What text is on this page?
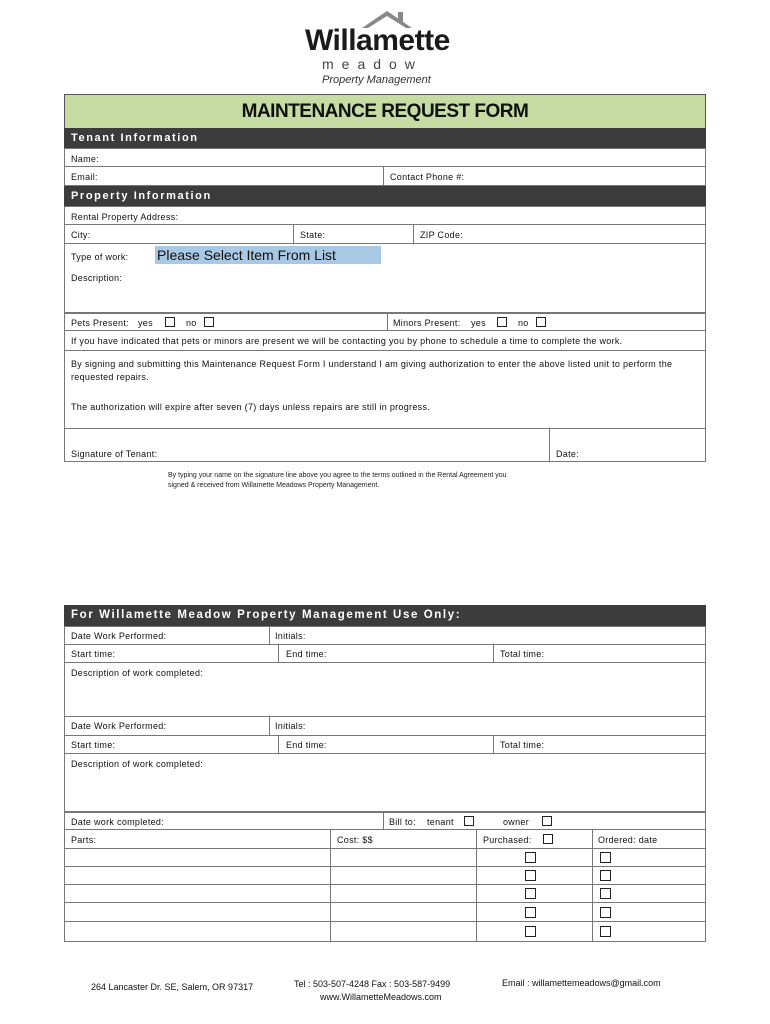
Willamette
meadow
Property Management
MAINTENANCE REQUEST FORM
Tenant Information
Name:
Email:	Contact Phone #:
Property Information
Rental Property Address:
City:	State:	ZIP Code:
Type of work: Please Select Item From List
Description:
Pets Present: yes	no	Minors Present: yes	no
If you have indicated that pets or minors are present we will be contacting you by phone to schedule a time to complete the work.
By signing and submitting this Maintenance Request Form I understand I am giving authorization to enter the above listed unit to perform the requested repairs.
The authorization will expire after seven (7) days unless repairs are still in progress.
Signature of Tenant:	Date:
By typing your name on the signature line above you agree to the terms outlined in the Rental Agreement you
signed & received from Willamette Meadows Property Management.
For Willamette Meadow Property Management Use Only:
Date Work Performed:	Initials:
Start time:	End time:	Total time:
Description of work completed:
Date Work Performed:	Initials:
Start time:	End time:	Total time:
Description of work completed:
Date work completed:	Bill to: tenant	owner
Parts:	Cost: $$	Purchased:	Ordered: date
264 Lancaster Dr. SE, Salem, OR 97317	Tel : 503-507-4248 Fax : 503-587-9499
www.WillametteMeadows.com
Email : willamettemeadows@gmail.com
